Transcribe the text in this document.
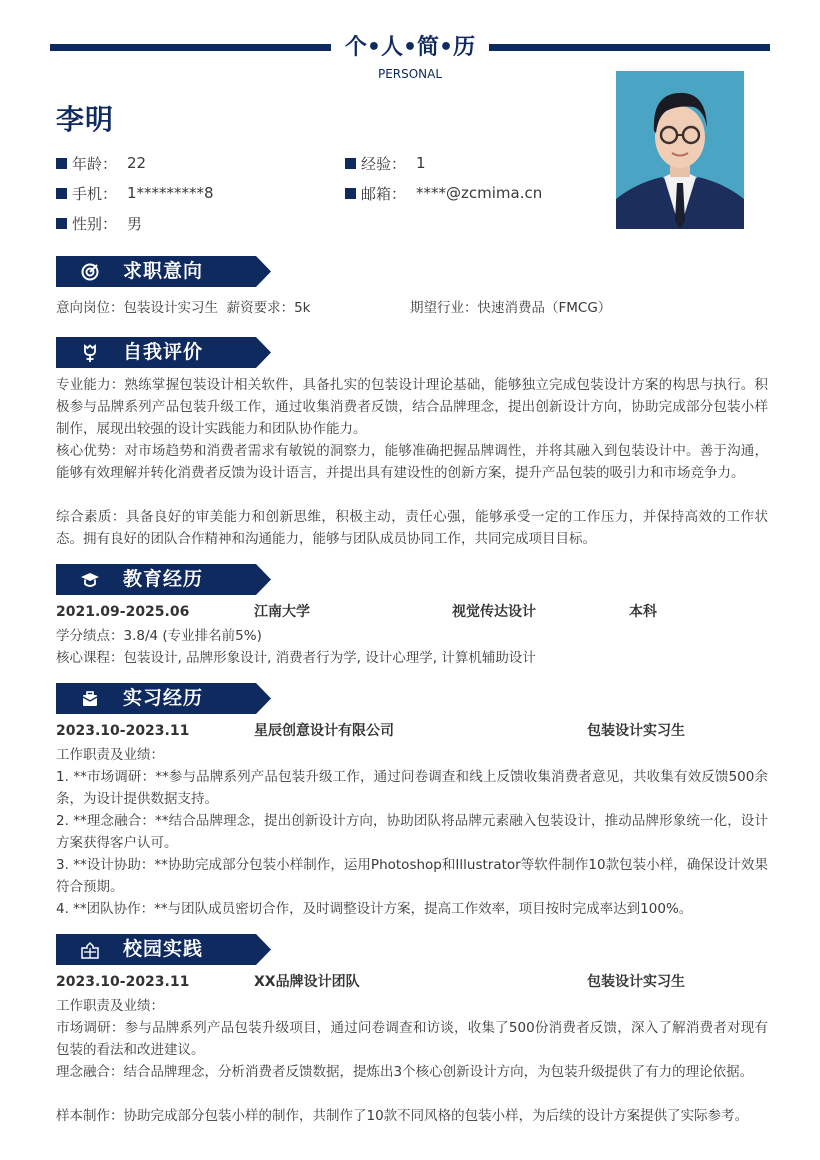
个•人•简•历
PERSONAL
李明
年龄： 22	经验： 1
手机： 1*********8	邮箱： ****@zcmima.cn
性别： 男
求职意向
意向岗位：包装设计实习生 薪资要求：5k	期望行业：快速消费品（FMCG）
自我评价
专业能力：熟练掌握包装设计相关软件，具备扎实的包装设计理论基础，能够独立完成包装设计方案的构思与执行。积极参与品牌系列产品包装升级工作，通过收集消费者反馈，结合品牌理念，提出创新设计方向，协助完成部分包装小样制作，展现出较强的设计实践能力和团队协作能力。
核心优势：对市场趋势和消费者需求有敏锐的洞察力，能够准确把握品牌调性，并将其融入到包装设计中。善于沟通，能够有效理解并转化消费者反馈为设计语言，并提出具有建设性的创新方案，提升产品包装的吸引力和市场竞争力。
综合素质：具备良好的审美能力和创新思维，积极主动，责任心强，能够承受一定的工作压力，并保持高效的工作状态。拥有良好的团队合作精神和沟通能力，能够与团队成员协同工作，共同完成项目目标。
教育经历
2021.09-2025.06	江南大学	视觉传达设计	本科
学分绩点：3.8/4 (专业排名前5%)
核心课程：包装设计, 品牌形象设计, 消费者行为学, 设计心理学, 计算机辅助设计
实习经历
2023.10-2023.11	星辰创意设计有限公司	包装设计实习生
工作职责及业绩：
1. **市场调研：**参与品牌系列产品包装升级工作，通过问卷调查和线上反馈收集消费者意见，共收集有效反馈500余条，为设计提供数据支持。
2. **理念融合：**结合品牌理念，提出创新设计方向，协助团队将品牌元素融入包装设计，推动品牌形象统一化，设计方案获得客户认可。
3. **设计协助：**协助完成部分包装小样制作，运用Photoshop和Illustrator等软件制作10款包装小样，确保设计效果符合预期。
4. **团队协作：**与团队成员密切合作，及时调整设计方案，提高工作效率，项目按时完成率达到100%。
校园实践
2023.10-2023.11	XX品牌设计团队	包装设计实习生
工作职责及业绩：
市场调研：参与品牌系列产品包装升级项目，通过问卷调查和访谈，收集了500份消费者反馈，深入了解消费者对现有包装的看法和改进建议。
理念融合：结合品牌理念，分析消费者反馈数据，提炼出3个核心创新设计方向，为包装升级提供了有力的理论依据。
样本制作：协助完成部分包装小样的制作，共制作了10款不同风格的包装小样，为后续的设计方案提供了实际参考。
